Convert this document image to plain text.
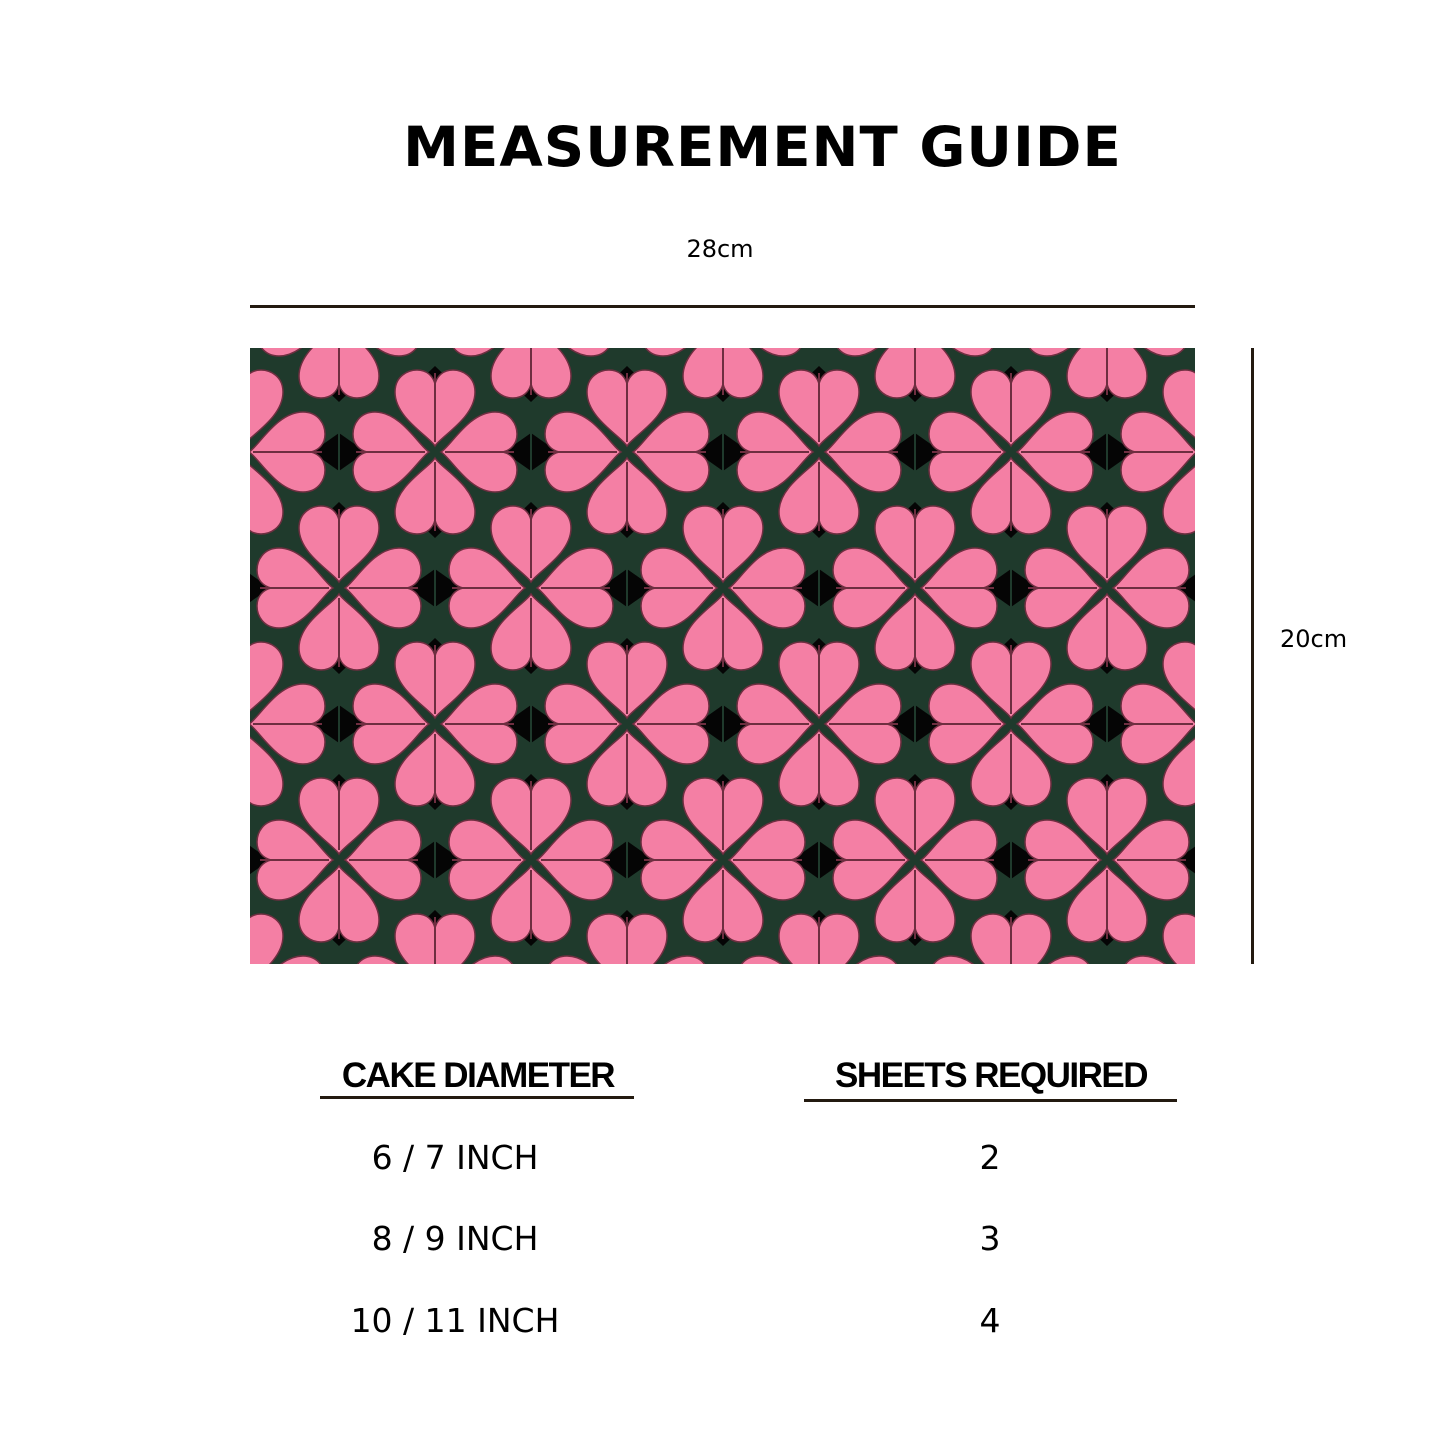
MEASUREMENT GUIDE
28cm
20cm
CAKE DIAMETER	SHEETS REQUIRED
6 / 7 INCH	2
8 / 9 INCH	3
10 / 11 INCH	4
